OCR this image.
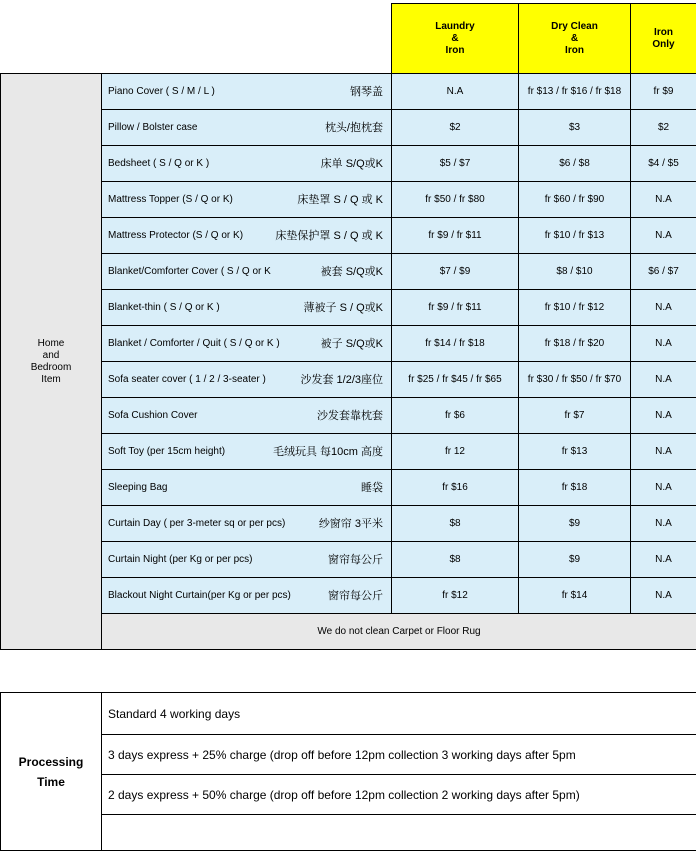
		Laundry
&
Iron	Dry Clean
&
Iron	Iron
Only

Home
and
Bedroom
Item	Piano Cover ( S / M / L ) 钢琴盖	N.A	fr $13 / fr $16 / fr $18	fr $9

	Pillow / Bolster case 枕头/抱枕套	$2	$3	$2

	Bedsheet ( S / Q or K ) 床单 S/Q或K	$5 / $7	$6 / $8	$4 / $5

	Mattress Topper (S / Q or K) 床垫罩 S / Q 或 K	fr $50 / fr $80	fr $60 / fr $90	N.A

	Mattress Protector (S / Q or K) 床垫保护罩 S / Q 或 K	fr $9 / fr $11	fr $10 / fr $13	N.A

	Blanket/Comforter Cover ( S / Q or K 被套 S/Q或K	$7 / $9	$8 / $10	$6 / $7

	Blanket-thin ( S / Q or K ) 薄被子 S / Q或K	fr $9 / fr $11	fr $10 / fr $12	N.A

	Blanket / Comforter / Quit ( S / Q or K ) 被子 S/Q或K	fr $14 / fr $18	fr $18 / fr $20	N.A

	Sofa seater cover ( 1 / 2 / 3-seater ) 沙发套 1/2/3座位	fr $25 / fr $45 / fr $65	fr $30 / fr $50 / fr $70	N.A

	Sofa Cushion Cover 沙发套靠枕套	fr $6	fr $7	N.A

	Soft Toy (per 15cm height) 毛绒玩具 每10cm 高度	fr 12	fr $13	N.A

	Sleeping Bag 睡袋	fr $16	fr $18	N.A

	Curtain Day ( per 3-meter sq or per pcs) 纱窗帘 3平米	$8	$9	N.A

	Curtain Night (per Kg or per pcs) 窗帘每公斤	$8	$9	N.A

	Blackout Night Curtain(per Kg or per pcs) 窗帘每公斤	fr $12	fr $14	N.A
	We do not clean Carpet or Floor Rug			
Processing
Time
	Standard 4 working days
3 days express + 25% charge (drop off before 12pm collection 3 working days after 5pm
2 days express + 50% charge (drop off before 12pm collection 2 working days after 5pm)
